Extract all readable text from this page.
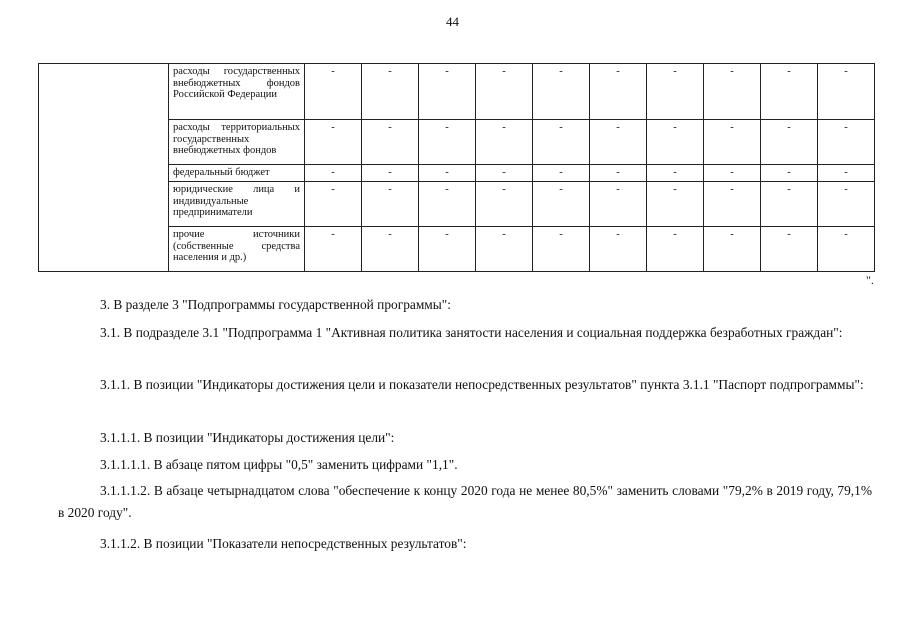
44
	расходы государственных внебюджетных фондов Российской Федерации	-	-	-	-	-	-	-	-	-	-
	расходы территориальных государственных внебюджетных фондов	-	-	-	-	-	-	-	-	-	-
	федеральный бюджет	-	-	-	-	-	-	-	-	-	-
	юридические лица и индивидуальные предприниматели	-	-	-	-	-	-	-	-	-	-
	прочие источники (собственные средства населения и др.)	-	-	-	-	-	-	-	-	-	-
".
3. В разделе 3 "Подпрограммы государственной программы":
3.1. В подразделе 3.1 "Подпрограмма 1 "Активная политика занятости населения и социальная поддержка безработных граждан":
3.1.1. В позиции "Индикаторы достижения цели и показатели непосредственных результатов" пункта 3.1.1 "Паспорт подпрограммы":
3.1.1.1. В позиции "Индикаторы достижения цели":
3.1.1.1.1. В абзаце пятом цифры "0,5" заменить цифрами "1,1".
3.1.1.1.2. В абзаце четырнадцатом слова "обеспечение к концу 2020 года не менее 80,5%" заменить словами "79,2% в 2019 году, 79,1% в 2020 году".
3.1.1.2. В позиции "Показатели непосредственных результатов":
